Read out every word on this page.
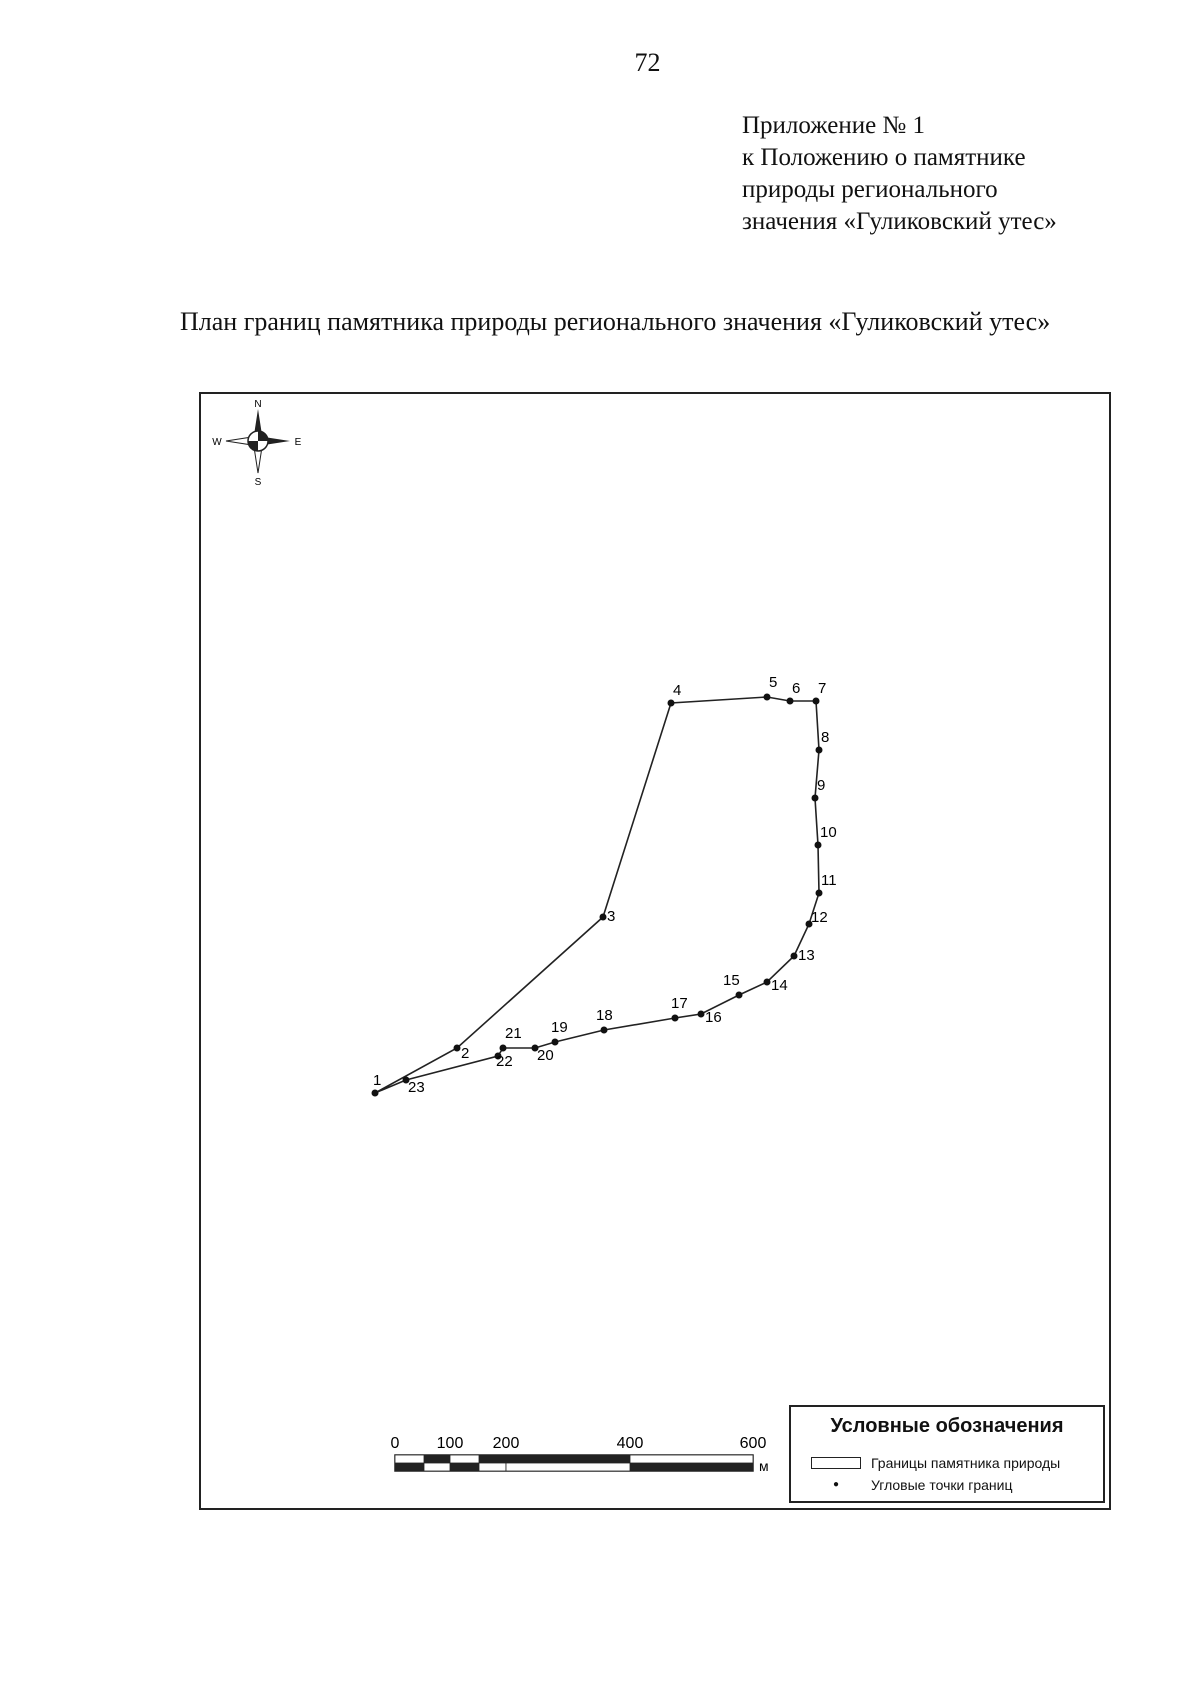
72
Приложение № 1
к Положению о памятнике
природы регионального
значения «Гуликовский утес»
План границ памятника природы регионального значения «Гуликовский утес»
N
S
W	E
1
2
3
4	5 6 7
8
9
10
11
12
13
14
15
16
17
18
19
20
21
22
23
0 100 200	400	600
м
Условные обозначения
Границы памятника природы
●	Угловые точки границ
